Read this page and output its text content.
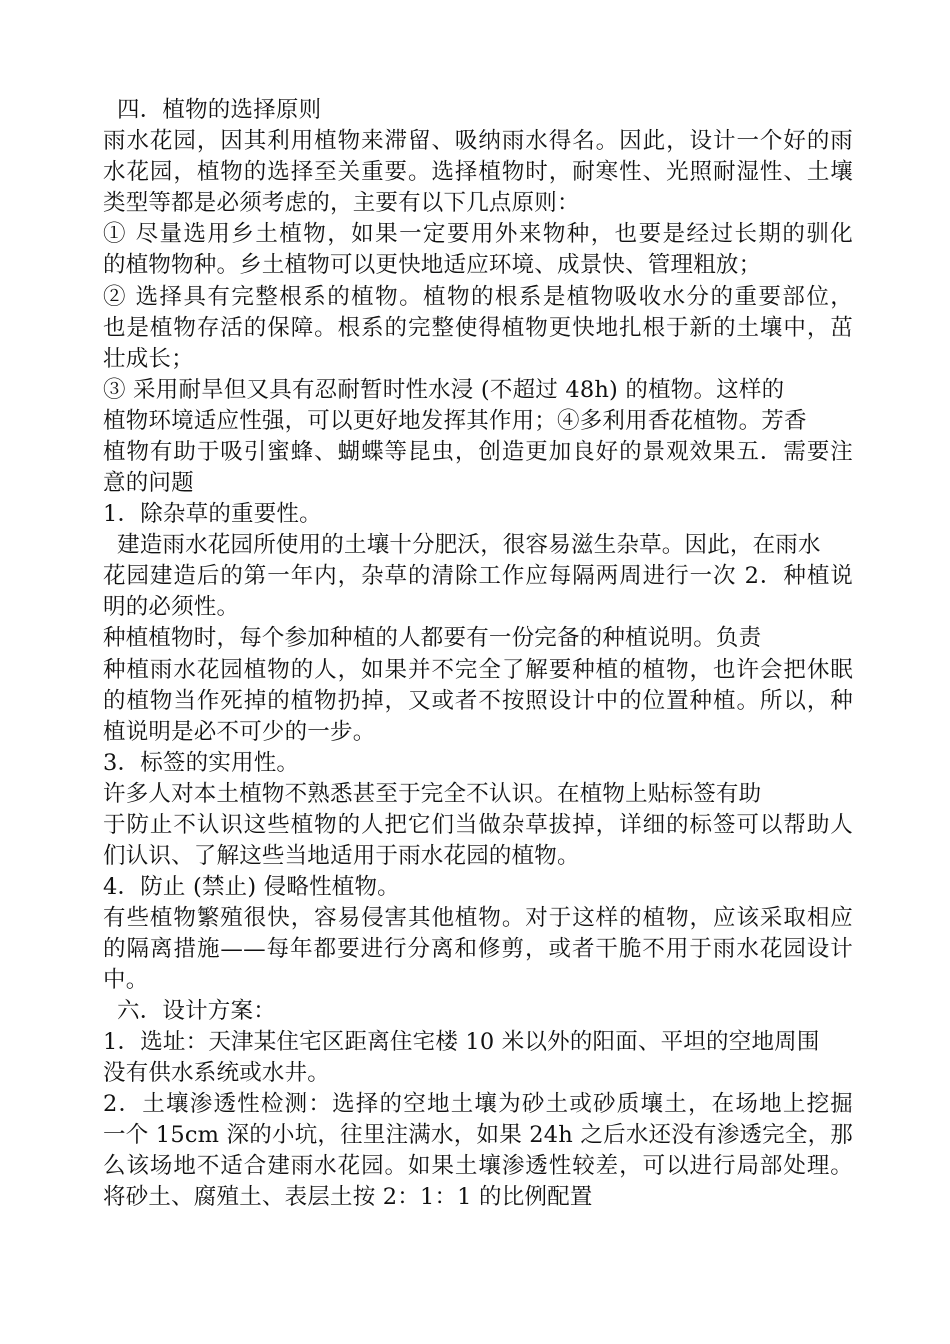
四．植物的选择原则
雨水花园，因其利用植物来滞留、吸纳雨水得名。因此，设计一个好的雨
水花园，植物的选择至关重要。选择植物时，耐寒性、光照耐湿性、土壤
类型等都是必须考虑的，主要有以下几点原则：
① 尽量选用乡土植物，如果一定要用外来物种，也要是经过长期的驯化
的植物物种。乡土植物可以更快地适应环境、成景快、管理粗放；
② 选择具有完整根系的植物。植物的根系是植物吸收水分的重要部位，
也是植物存活的保障。根系的完整使得植物更快地扎根于新的土壤中，茁
壮成长；
③ 采用耐旱但又具有忍耐暂时性水浸 (不超过 48h) 的植物。这样的
植物环境适应性强，可以更好地发挥其作用；④多利用香花植物。芳香
植物有助于吸引蜜蜂、蝴蝶等昆虫，创造更加良好的景观效果五．需要注
意的问题
1．除杂草的重要性。
建造雨水花园所使用的土壤十分肥沃，很容易滋生杂草。因此，在雨水
花园建造后的第一年内，杂草的清除工作应每隔两周进行一次 2．种植说
明的必须性。
种植植物时，每个参加种植的人都要有一份完备的种植说明。负责
种植雨水花园植物的人，如果并不完全了解要种植的植物，也许会把休眠
的植物当作死掉的植物扔掉，又或者不按照设计中的位置种植。所以，种
植说明是必不可少的一步。
3．标签的实用性。
许多人对本土植物不熟悉甚至于完全不认识。在植物上贴标签有助
于防止不认识这些植物的人把它们当做杂草拔掉，详细的标签可以帮助人
们认识、了解这些当地适用于雨水花园的植物。
4．防止 (禁止) 侵略性植物。
有些植物繁殖很快，容易侵害其他植物。对于这样的植物，应该采取相应
的隔离措施——每年都要进行分离和修剪，或者干脆不用于雨水花园设计
中。
六．设计方案：
1．选址：天津某住宅区距离住宅楼 10 米以外的阳面、平坦的空地周围
没有供水系统或水井。
2．土壤渗透性检测：选择的空地土壤为砂土或砂质壤土，在场地上挖掘
一个 15cm 深的小坑，往里注满水，如果 24h 之后水还没有渗透完全，那
么该场地不适合建雨水花园。如果土壤渗透性较差，可以进行局部处理。
将砂土、腐殖土、表层土按 2：1：1 的比例配置
